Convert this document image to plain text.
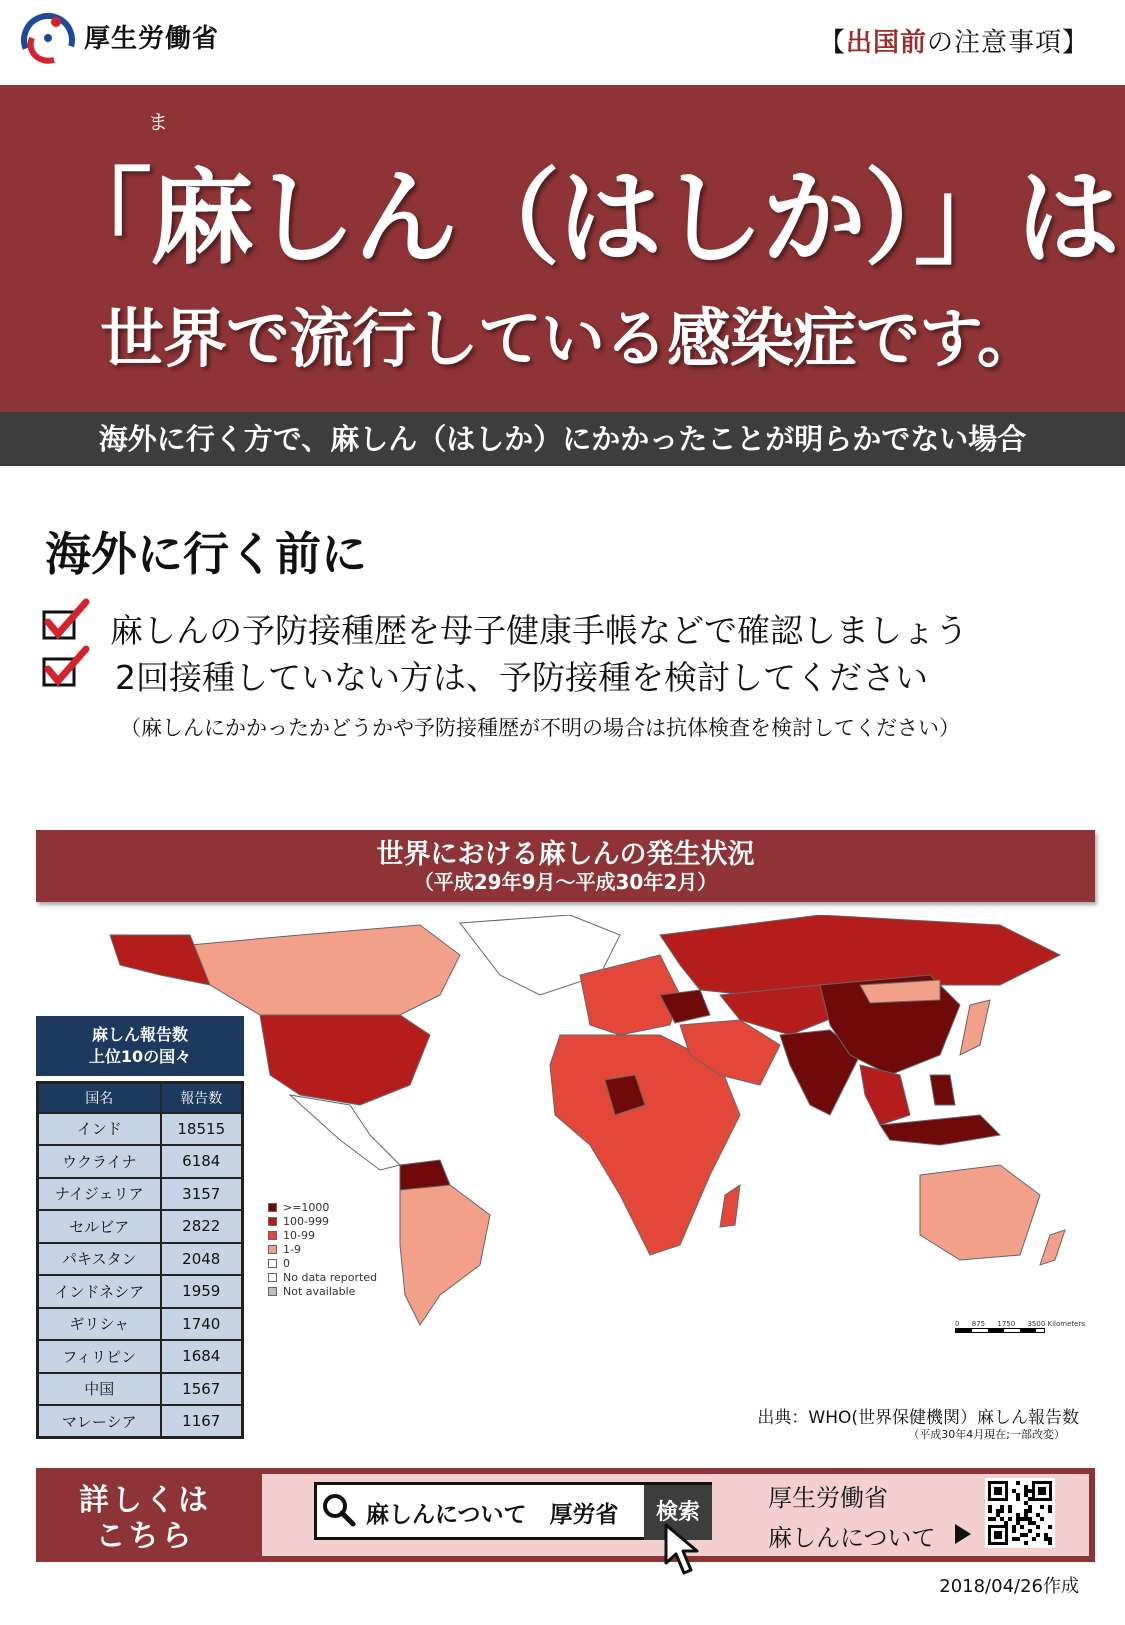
厚生労働省	【出国前の注意事項】
ま
「麻しん（はしか）」は
世界で流行している感染症です。
海外に行く方で、麻しん（はしか）にかかったことが明らかでない場合
海外に行く前に
麻しんの予防接種歴を母子健康手帳などで確認しましょう
2回接種していない方は、予防接種を検討してください
（麻しんにかかったかどうかや予防接種歴が不明の場合は抗体検査を検討してください）
世界における麻しんの発生状況
（平成29年9月～平成30年2月）
>=1000
100-999
10-99
1-9
0
No data reported
Not available
0 875 1750 3500 Kilometers
麻しん報告数
上位10の国々
国名	報告数
インド	18515
ウクライナ	6184
ナイジェリア	3157
セルビア	2822
パキスタン	2048
インドネシア	1959
ギリシャ	1740
フィリピン	1684
中国	1567
マレーシア	1167	出典：WHO(世界保健機関）麻しん報告数
（平成30年4月現在;一部改変）
詳しくは
こちら
麻しんについて　厚労省	検索
厚生労働省
麻しんについて
2018/04/26作成
